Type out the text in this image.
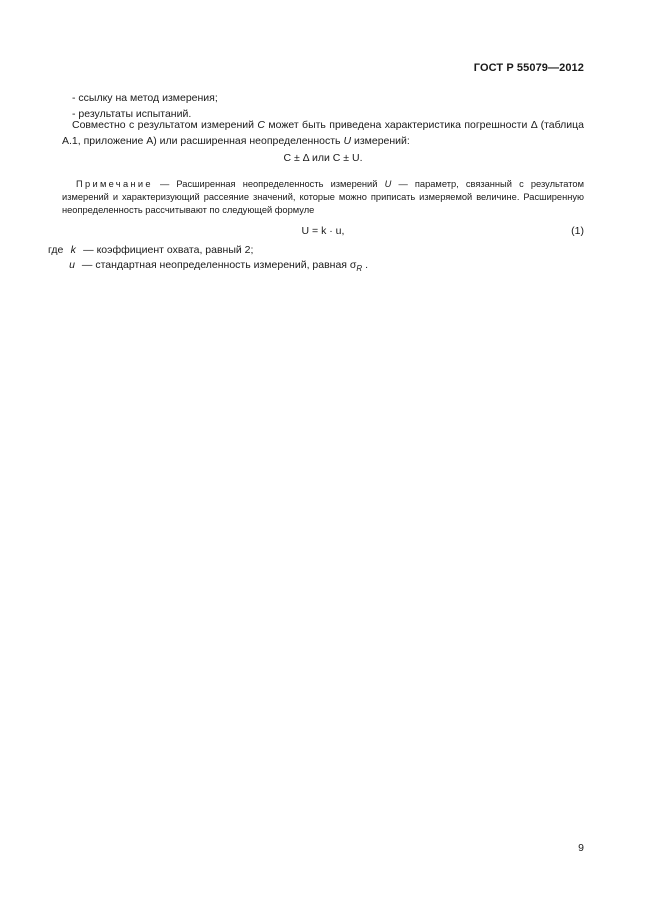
ГОСТ Р 55079—2012
- ссылку на метод измерения;
- результаты испытаний.
Совместно с результатом измерений C может быть приведена характеристика погрешности Δ (таблица А.1, приложение А) или расширенная неопределенность U измерений:
C ± Δ или C ± U.
Примечание — Расширенная неопределенность измерений U — параметр, связанный с результатом измерений и характеризующий рассеяние значений, которые можно приписать измеряемой величине. Расширенную неопределенность рассчитывают по следующей формуле
U = k · u,	(1)
где k — коэффициент охвата, равный 2;
u — стандартная неопределенность измерений, равная $\sigma_R$ .
9
